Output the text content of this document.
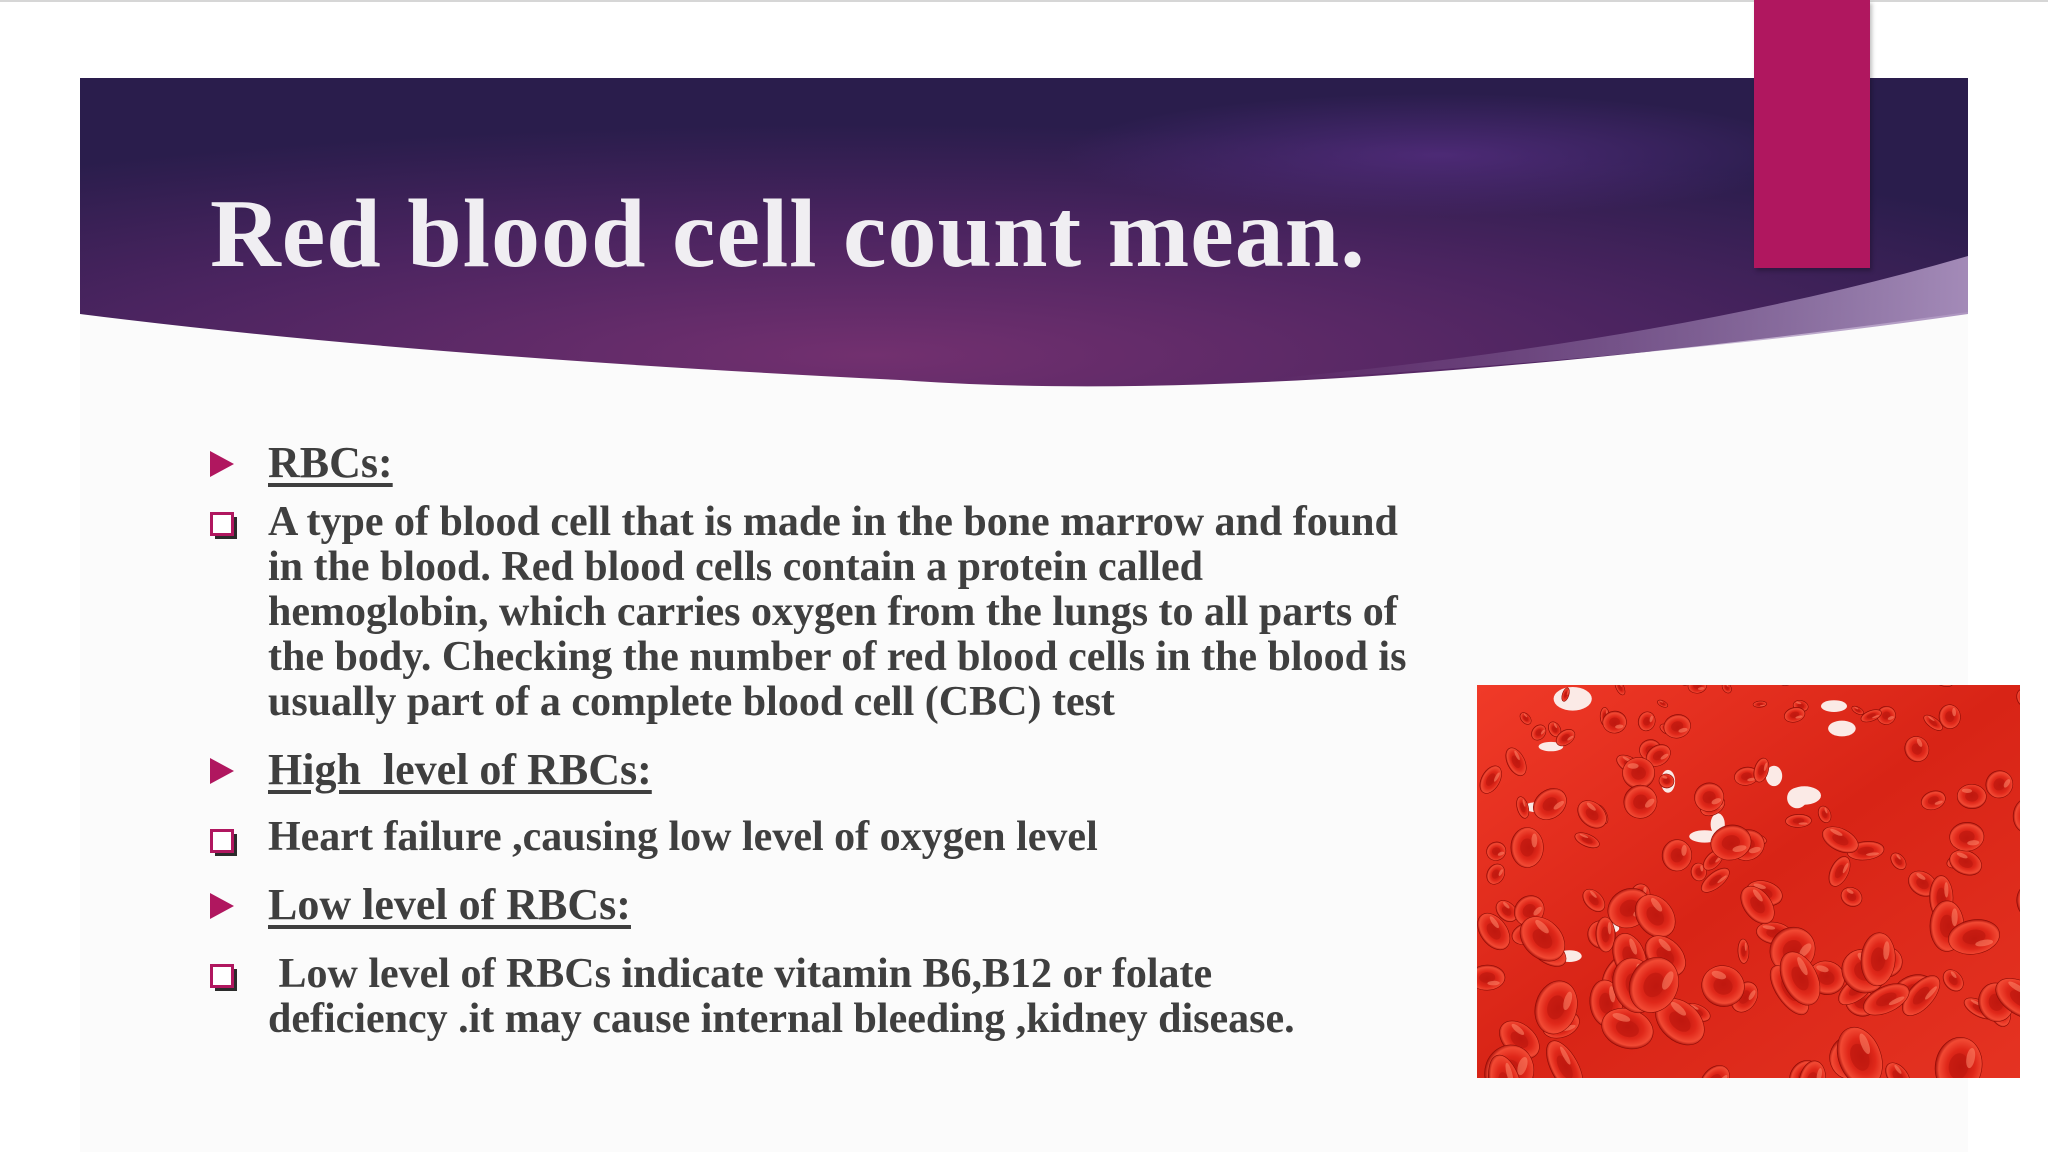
Red blood cell count mean.
RBCs:
A type of blood cell that is made in the bone marrow and found
in the blood. Red blood cells contain a protein called
hemoglobin, which carries oxygen from the lungs to all parts of
the body. Checking the number of red blood cells in the blood is
usually part of a complete blood cell (CBC) test
High  level of RBCs:
Heart failure ,causing low level of oxygen level
Low level of RBCs:
Low level of RBCs indicate vitamin B6,B12 or folate
deficiency .it may cause internal bleeding ,kidney disease.
